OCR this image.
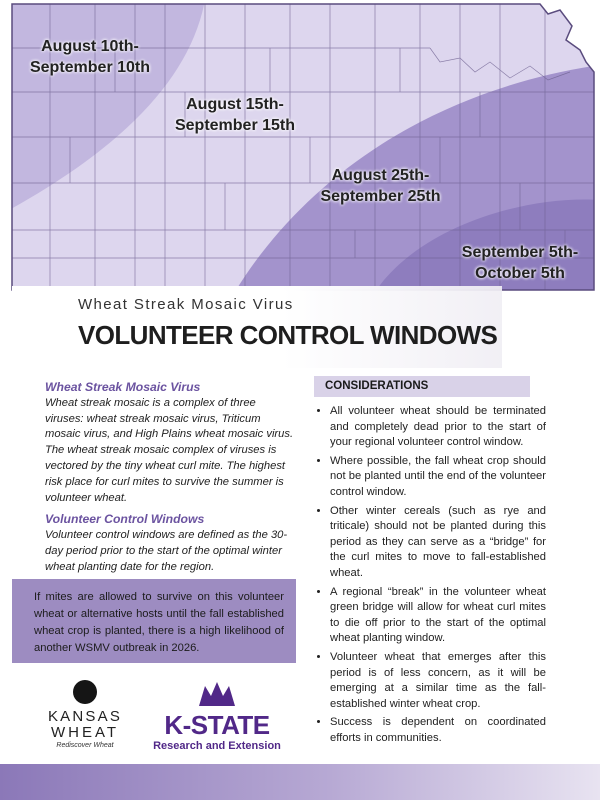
August 10th-
September 10th
August 15th-
September 15th
August 25th-
September 25th
September 5th-
October 5th
Wheat Streak Mosaic Virus
VOLUNTEER CONTROL WINDOWS

Wheat Streak Mosaic Virus

Wheat streak mosaic is a complex of three viruses: wheat streak mosaic virus, Triticum mosaic virus, and High Plains wheat mosaic virus. The wheat streak mosaic complex of viruses is vectored by the tiny wheat curl mite. The highest risk place for curl mites to survive the summer is volunteer wheat.

Volunteer Control Windows

Volunteer control windows are defined as the 30-day period prior to the start of the optimal winter wheat planting date for the region.

If mites are allowed to survive on this volunteer wheat or alternative hosts until the fall established wheat crop is planted, there is a high likelihood of another WSMV outbreak in 2026.
CONSIDERATIONS
• All volunteer wheat should be terminated and completely dead prior to the start of your regional volunteer control window.
• Where possible, the fall wheat crop should not be planted until the end of the volunteer control window.
• Other winter cereals (such as rye and triticale) should not be planted during this period as they can serve as a “bridge” for the curl mites to move to fall-established wheat.
• A regional “break” in the volunteer wheat green bridge will allow for wheat curl mites to die off prior to the start of the optimal wheat planting window.
• Volunteer wheat that emerges after this period is of less concern, as it will be emerging at a similar time as the fall-established winter wheat crop.
• Success is dependent on coordinated efforts in communities.
KANSAS
WHEAT
Rediscover Wheat
K-STATE
Research and Extension
